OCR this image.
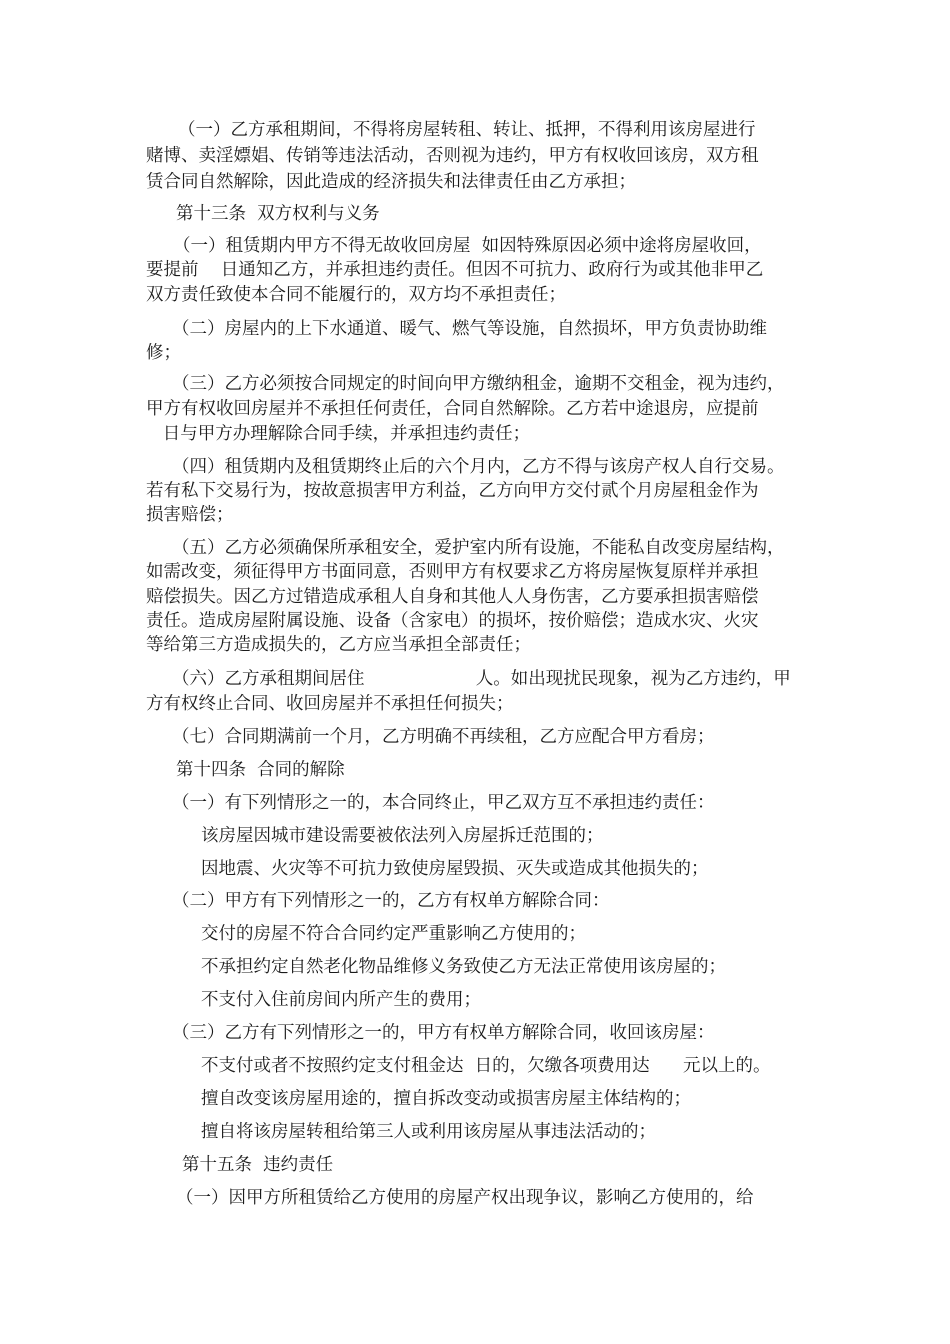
（一）乙方承租期间，不得将房屋转租、转让、抵押，不得利用该房屋进行
赌博、卖淫嫖娼、传销等违法活动，否则视为违约，甲方有权收回该房，双方租
赁合同自然解除，因此造成的经济损失和法律责任由乙方承担；
第十三条  双方权利与义务
（一）租赁期内甲方不得无故收回房屋  如因特殊原因必须中途将房屋收回，
要提前    日通知乙方，并承担违约责任。但因不可抗力、政府行为或其他非甲乙
双方责任致使本合同不能履行的，双方均不承担责任；
（二）房屋内的上下水通道、暖气、燃气等设施，自然损坏，甲方负责协助维
修；
（三）乙方必须按合同规定的时间向甲方缴纳租金，逾期不交租金，视为违约，
甲方有权收回房屋并不承担任何责任，合同自然解除。乙方若中途退房，应提前
日与甲方办理解除合同手续，并承担违约责任；
（四）租赁期内及租赁期终止后的六个月内，乙方不得与该房产权人自行交易。
若有私下交易行为，按故意损害甲方利益，乙方向甲方交付贰个月房屋租金作为
损害赔偿；
（五）乙方必须确保所承租安全，爱护室内所有设施，不能私自改变房屋结构，
如需改变，须征得甲方书面同意，否则甲方有权要求乙方将房屋恢复原样并承担
赔偿损失。因乙方过错造成承租人自身和其他人人身伤害，乙方要承担损害赔偿
责任。造成房屋附属设施、设备（含家电）的损坏，按价赔偿；造成水灾、火灾
等给第三方造成损失的，乙方应当承担全部责任；
（六）乙方承租期间居住                    人。如出现扰民现象，视为乙方违约，甲
方有权终止合同、收回房屋并不承担任何损失；
（七）合同期满前一个月，乙方明确不再续租，乙方应配合甲方看房；
第十四条  合同的解除
（一）有下列情形之一的，本合同终止，甲乙双方互不承担违约责任：
该房屋因城市建设需要被依法列入房屋拆迁范围的；
因地震、火灾等不可抗力致使房屋毁损、灭失或造成其他损失的；
（二）甲方有下列情形之一的，乙方有权单方解除合同：
交付的房屋不符合合同约定严重影响乙方使用的；
不承担约定自然老化物品维修义务致使乙方无法正常使用该房屋的；
不支付入住前房间内所产生的费用；
（三）乙方有下列情形之一的，甲方有权单方解除合同，收回该房屋：
不支付或者不按照约定支付租金达  日的，欠缴各项费用达      元以上的。
擅自改变该房屋用途的，擅自拆改变动或损害房屋主体结构的；
擅自将该房屋转租给第三人或利用该房屋从事违法活动的；
第十五条  违约责任
（一）因甲方所租赁给乙方使用的房屋产权出现争议，影响乙方使用的，给
